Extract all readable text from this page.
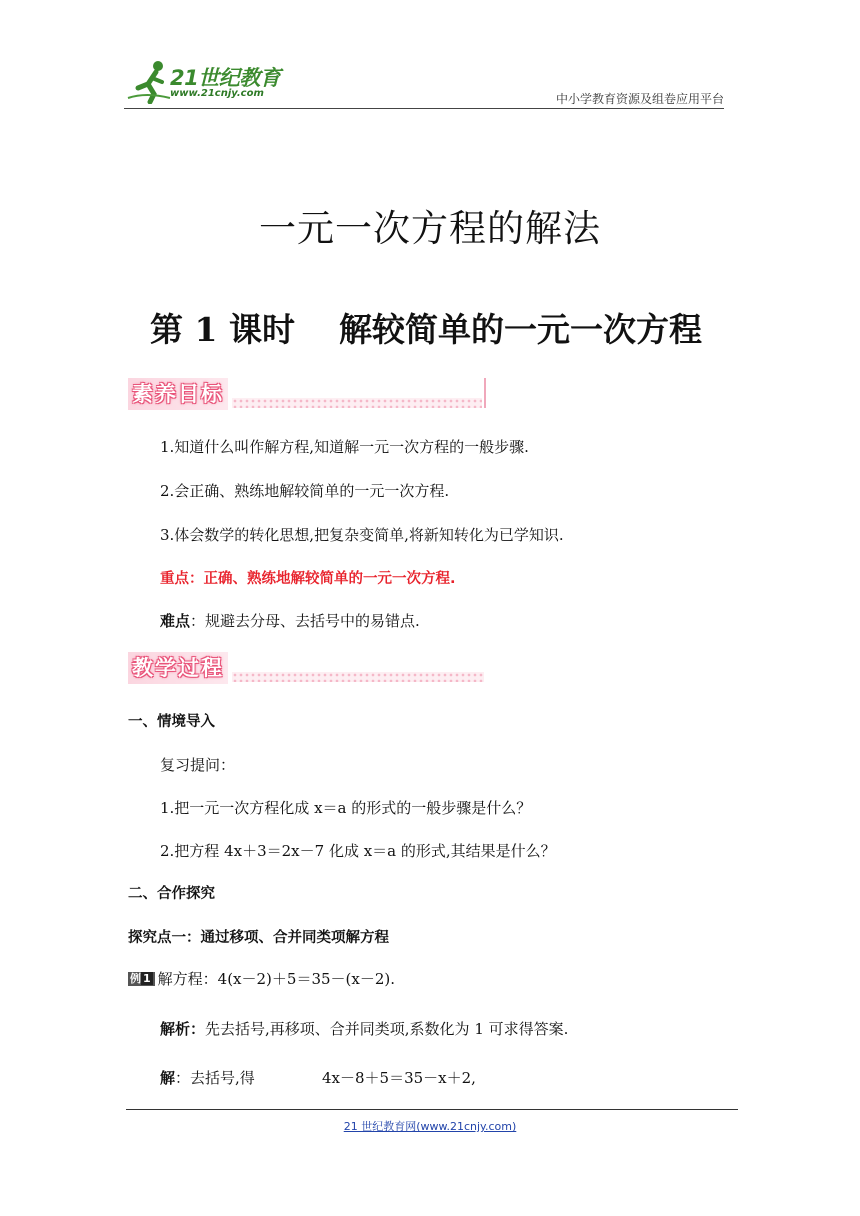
21世纪教育
www.21cnjy.com	中小学教育资源及组卷应用平台
一元一次方程的解法
第 1 课时 解较简单的一元一次方程
素养目标
1.知道什么叫作解方程,知道解一元一次方程的一般步骤.
2.会正确、熟练地解较简单的一元一次方程.
3.体会数学的转化思想,把复杂变简单,将新知转化为已学知识.
重点：正确、熟练地解较简单的一元一次方程.
难点：规避去分母、去括号中的易错点.
教学过程
一、情境导入
复习提问：
1.把一元一次方程化成 x＝a 的形式的一般步骤是什么？
2.把方程 4x＋3＝2x－7 化成 x＝a 的形式,其结果是什么？
二、合作探究
探究点一：通过移项、合并同类项解方程
例 1 解方程：4(x－2)＋5＝35－(x－2).
解析：先去括号,再移项、合并同类项,系数化为 1 可求得答案.
解：去括号,得	4x－8＋5＝35－x＋2,
21 世纪教育网(www.21cnjy.com)
